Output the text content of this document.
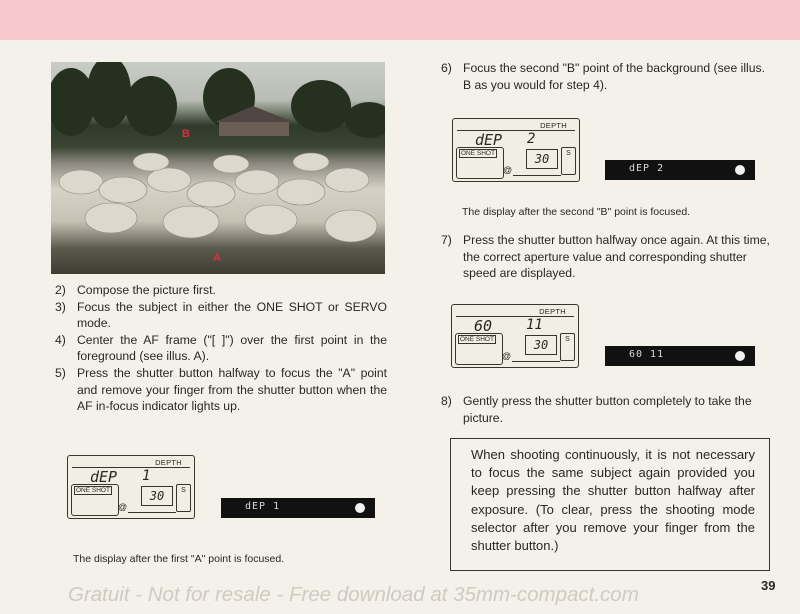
B
A
2) Compose the picture first.
3) Focus the subject in either the ONE SHOT or SERVO mode.
4) Center the AF frame ("[ ]") over the first point in the foreground (see illus. A).
5) Press the shutter button halfway to focus the "A" point and remove your finger from the shutter button when the AF in-focus indicator lights up.
DEPTH
dEP 1
ONE SHOT	30	S
@	dEP 1
The display after the first "A" point is focused.
6) Focus the second "B" point of the background (see illus. B as you would for step 4).
DEPTH
dEP 2
ONE SHOT	30	S
@	dEP 2
The display after the second "B" point is focused.
7) Press the shutter button halfway once again. At this time, the correct aperture value and corresponding shutter speed are displayed.
DEPTH
60 11
ONE SHOT	30	S
@	60 11
8) Gently press the shutter button completely to take the picture.
When shooting continuously, it is not necessary to focus the same subject again provided you keep pressing the shutter button halfway after exposure. (To clear, press the shooting mode selector after you remove your finger from the shutter button.)
Gratuit - Not for resale - Free download at 35mm-compact.com	39
